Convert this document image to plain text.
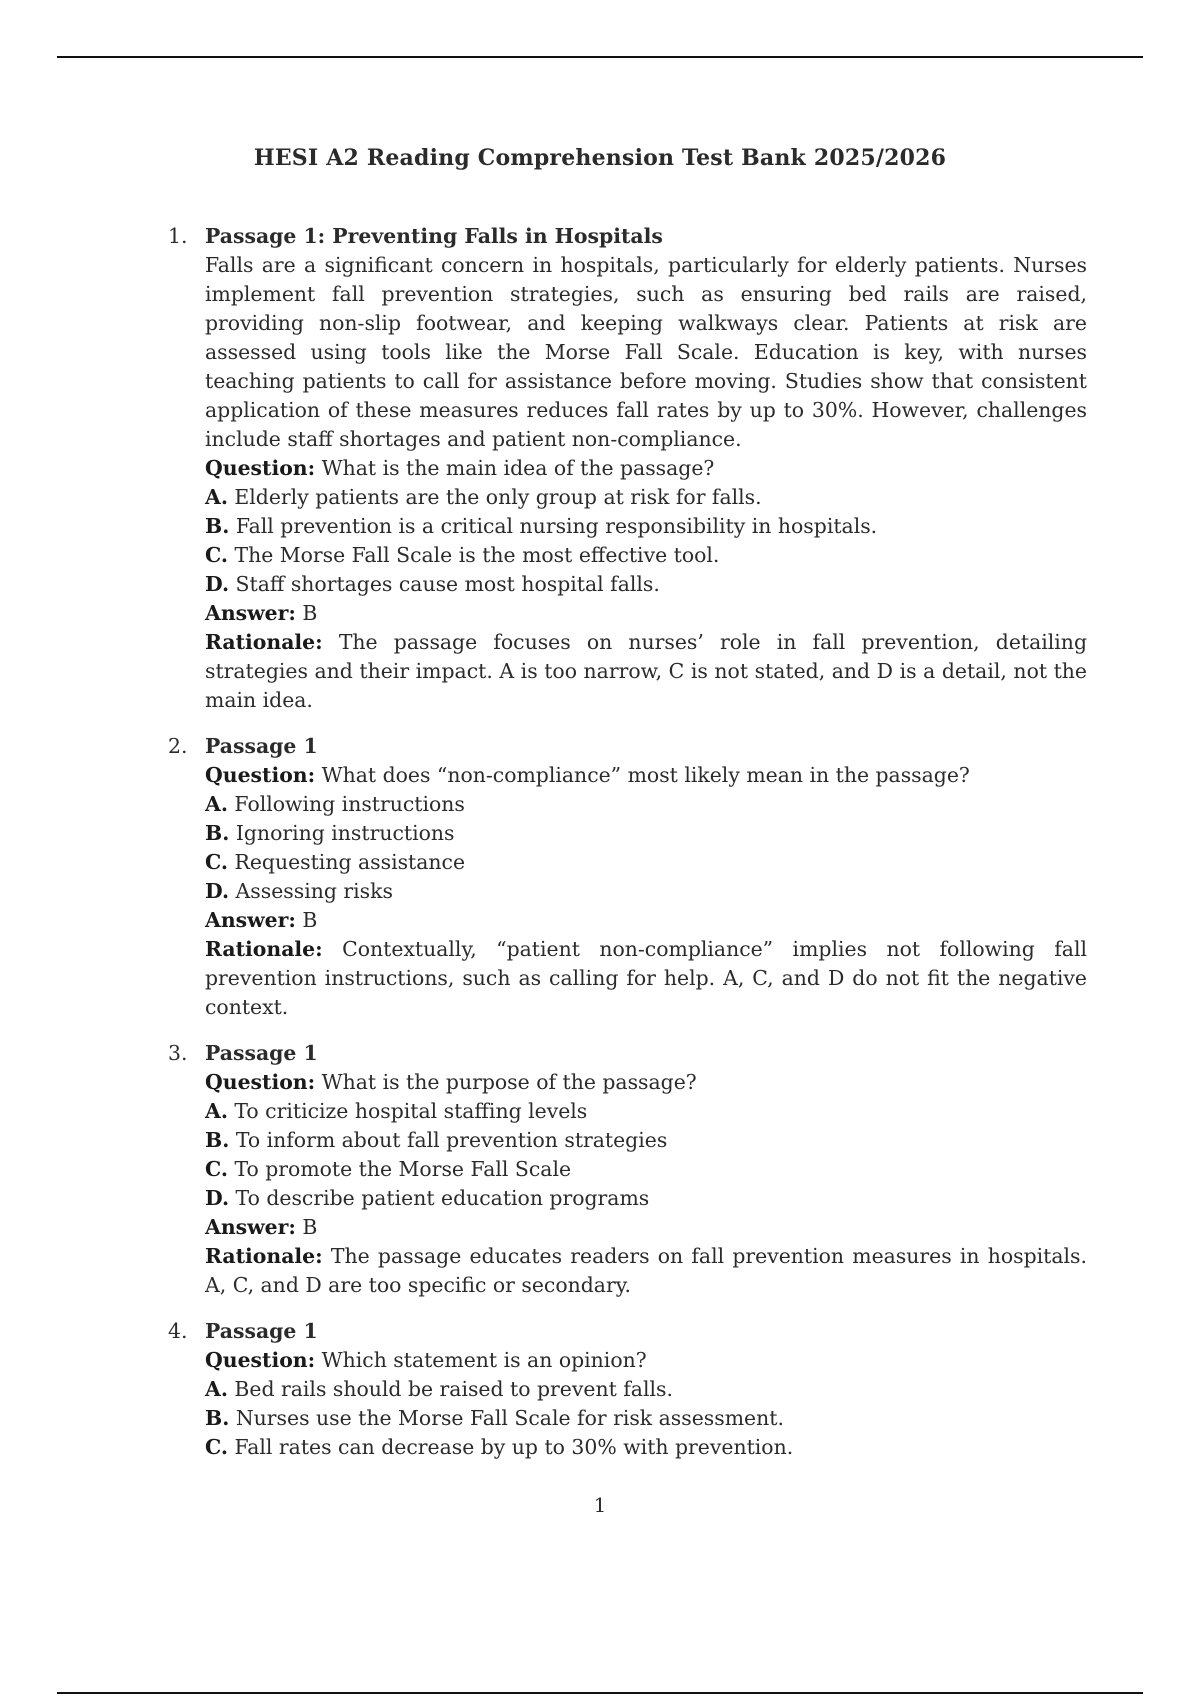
HESI A2 Reading Comprehension Test Bank 2025/2026
1. Passage 1: Preventing Falls in Hospitals
Falls are a significant concern in hospitals, particularly for elderly patients. Nurses implement fall prevention strategies, such as ensuring bed rails are raised, providing non-slip footwear, and keeping walkways clear. Patients at risk are assessed using tools like the Morse Fall Scale. Education is key, with nurses teaching patients to call for assistance before moving. Studies show that consistent application of these measures reduces fall rates by up to 30%. However, challenges include staff shortages and patient non-compliance.
Question: What is the main idea of the passage?
A. Elderly patients are the only group at risk for falls.
B. Fall prevention is a critical nursing responsibility in hospitals.
C. The Morse Fall Scale is the most effective tool.
D. Staff shortages cause most hospital falls.
Answer: B
Rationale: The passage focuses on nurses’ role in fall prevention, detailing strategies and their impact. A is too narrow, C is not stated, and D is a detail, not the main idea.
2. Passage 1
Question: What does “non-compliance” most likely mean in the passage?
A. Following instructions
B. Ignoring instructions
C. Requesting assistance
D. Assessing risks
Answer: B
Rationale: Contextually, “patient non-compliance” implies not following fall prevention instructions, such as calling for help. A, C, and D do not fit the negative context.
3. Passage 1
Question: What is the purpose of the passage?
A. To criticize hospital staffing levels
B. To inform about fall prevention strategies
C. To promote the Morse Fall Scale
D. To describe patient education programs
Answer: B
Rationale: The passage educates readers on fall prevention measures in hospitals. A, C, and D are too specific or secondary.
4. Passage 1
Question: Which statement is an opinion?
A. Bed rails should be raised to prevent falls.
B. Nurses use the Morse Fall Scale for risk assessment.
C. Fall rates can decrease by up to 30% with prevention.
1
